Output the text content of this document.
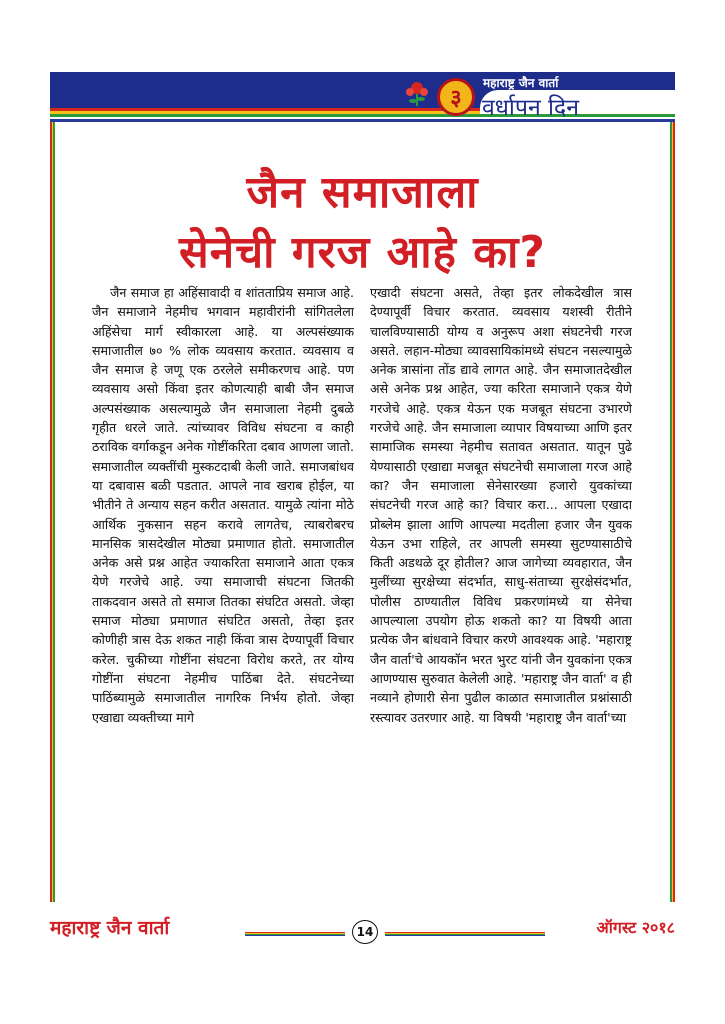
३
महाराष्ट्र जैन वार्ता
वर्धापन दिन
जैन समाजाला
सेनेची गरज आहे का?
जैन समाज हा अहिंसावादी व शांतताप्रिय समाज आहे. जैन समाजाने नेहमीच भगवान महावीरांनी सांगितलेला अहिंसेचा मार्ग स्वीकारला आहे. या अल्पसंख्याक समाजातील ७० % लोक व्यवसाय करतात. व्यवसाय व जैन समाज हे जणू एक ठरलेले समीकरणच आहे. पण व्यवसाय असो किंवा इतर कोणत्याही बाबी जैन समाज अल्पसंख्याक असल्यामुळे जैन समाजाला नेहमी दुबळे गृहीत धरले जाते. त्यांच्यावर विविध संघटना व काही ठराविक वर्गाकडून अनेक गोष्टींकरिता दबाव आणला जातो. समाजातील व्यक्तींची मुस्कटदाबी केली जाते. समाजबांधव या दबावास बळी पडतात. आपले नाव खराब होईल, या भीतीने ते अन्याय सहन करीत असतात. यामुळे त्यांना मोठे आर्थिक नुकसान सहन करावे लागतेच, त्याबरोबरच मानसिक त्रासदेखील मोठ्या प्रमाणात होतो. समाजातील अनेक असे प्रश्न आहेत ज्याकरिता समाजाने आता एकत्र येणे गरजेचे आहे. ज्या समाजाची संघटना जितकी ताकदवान असते तो समाज तितका संघटित असतो. जेव्हा समाज मोठ्या प्रमाणात संघटित असतो, तेव्हा इतर कोणीही त्रास देऊ शकत नाही किंवा त्रास देण्यापूर्वी विचार करेल. चुकीच्या गोष्टींना संघटना विरोध करते, तर योग्य गोष्टींना संघटना नेहमीच पाठिंबा देते. संघटनेच्या पाठिंब्यामुळे समाजातील नागरिक निर्भय होतो. जेव्हा एखाद्या व्यक्तीच्या मागे
एखादी संघटना असते, तेव्हा इतर लोकदेखील त्रास देण्यापूर्वी विचार करतात. व्यवसाय यशस्वी रीतीने चालविण्यासाठी योग्य व अनुरूप अशा संघटनेची गरज असते. लहान-मोठ्या व्यावसायिकांमध्ये संघटन नसल्यामुळे अनेक त्रासांना तोंड द्यावे लागत आहे. जैन समाजातदेखील असे अनेक प्रश्न आहेत, ज्या करिता समाजाने एकत्र येणे गरजेचे आहे. एकत्र येऊन एक मजबूत संघटना उभारणे गरजेचे आहे. जैन समाजाला व्यापार विषयाच्या आणि इतर सामाजिक समस्या नेहमीच सतावत असतात. यातून पुढे येण्यासाठी एखाद्या मजबूत संघटनेची समाजाला गरज आहे का? जैन समाजाला सेनेसारख्या हजारो युवकांच्या संघटनेची गरज आहे का? विचार करा... आपला एखादा प्रोब्लेम झाला आणि आपल्या मदतीला हजार जैन युवक येऊन उभा राहिले, तर आपली समस्या सुटण्यासाठीचे किती अडथळे दूर होतील? आज जागेच्या व्यवहारात, जैन मुलींच्या सुरक्षेच्या संदर्भात, साधु-संताच्या सुरक्षेसंदर्भात, पोलीस ठाण्यातील विविध प्रकरणांमध्ये या सेनेचा आपल्याला उपयोग होऊ शकतो का? या विषयी आता प्रत्येक जैन बांधवाने विचार करणे आवश्यक आहे. 'महाराष्ट्र जैन वार्ता'चे आयकॉन भरत भुरट यांनी जैन युवकांना एकत्र आणण्यास सुरुवात केलेली आहे. 'महाराष्ट्र जैन वार्ता' व ही नव्याने होणारी सेना पुढील काळात समाजातील प्रश्नांसाठी रस्त्यावर उतरणार आहे. या विषयी 'महाराष्ट्र जैन वार्ता'च्या
महाराष्ट्र जैन वार्ता	14	ऑगस्ट २०१८
